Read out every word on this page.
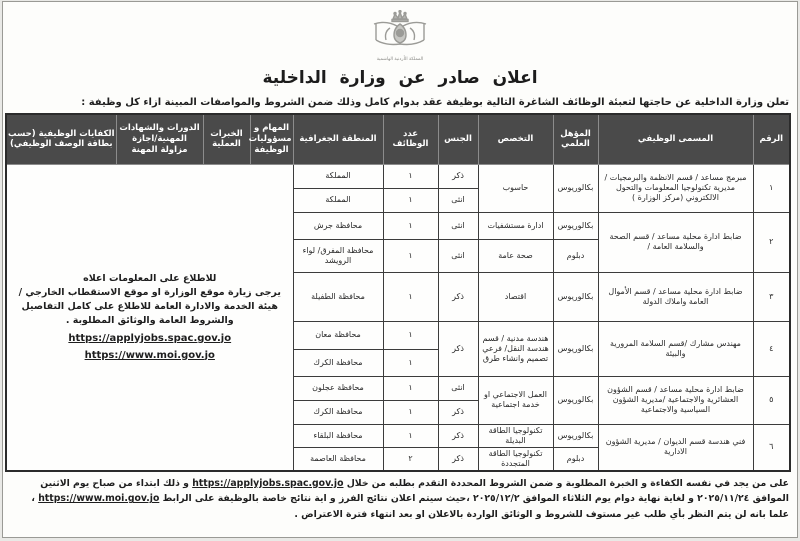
المملكة الأردنية الهاشمية
اعلان صادر عن وزارة الداخلية
تعلن وزارة الداخلية عن حاجتها لتعبئة الوظائف الشاغرة التالية بوظيفة عقد بدوام كامل وذلك ضمن الشروط والمواصفات المبينة ازاء كل وظيفة :
الرقم	المسمى الوظيفي	المؤهل العلمي	التخصص	الجنس	عدد الوظائف	المنطقة الجغرافية	المهام و مسؤوليات الوظيفة	الخبرات العملية	الدورات والشهادات المهنية/اجازة مزاولة المهنة	الكفايات الوظيفية (حسب بطاقة الوصف الوظيفي)
١	مبرمج مساعد / قسم الانظمة والبرمجيات / مديرية تكنولوجيا المعلومات والتحول الالكتروني (مركز الوزارة )	بكالوريوس	حاسوب	ذكر	١	المملكة	للاطلاع على المعلومات اعلاه
يرجى زيارة موقع الوزارة او موقع الاستقطاب الخارجي / هيئة الخدمة والادارة العامة للاطلاع على كامل التفاصيل والشروط العامة والوثائق المطلوبة .
https://applyjobs.spac.gov.jo
https://www.moi.gov.jo			

				انثى	١	المملكة				
٢	ضابط ادارة محلية مساعد / قسم الصحة والسلامة العامة /	بكالوريوس	ادارة مستشفيات	انثى	١	محافظة جرش				
		دبلوم	صحة عامة	انثى	١	محافظة المفرق/ لواء الرويشد				
٣	ضابط ادارة محلية مساعد / قسم الأموال العامة واملاك الدولة	بكالوريوس	اقتصاد	ذكر	١	محافظة الطفيلة				
٤	مهندس مشارك /قسم السلامة المرورية والبيئة	بكالوريوس	هندسة مدنية / قسم هندسة النقل/ فرعي تصميم وانشاء طرق	ذكر	١	محافظة معان				
					١	محافظة الكرك				
٥	ضابط ادارة محلية مساعد / قسم الشؤون العشائرية والاجتماعية /مديرية الشؤون السياسية والاجتماعية	بكالوريوس	العمل الاجتماعي او خدمة اجتماعية	انثى	١	محافظة عجلون				
				ذكر	١	محافظة الكرك				
٦	فني هندسة قسم الديوان / مديرية الشؤون الادارية	بكالوريوس	تكنولوجيا الطاقة البديلة	ذكر	١	محافظة البلقاء				
		دبلوم	تكنولوجيا الطاقة المتجددة	ذكر	٢	محافظة العاصمة				
على من يجد في نفسه الكفاءة و الخبرة المطلوبة و ضمن الشروط المحددة التقدم بطلبه من خلال https://applyjobs.spac.gov.jo و ذلك ابتداء من صباح يوم الاثنين الموافق ٢٠٢٥/١١/٢٤ و لغاية نهاية دوام يوم الثلاثاء الموافق ٢٠٢٥/١٢/٢ ،حيث سيتم اعلان نتائج الفرز و اية نتائج خاصة بالوظيفة على الرابط https://www.moi.gov.jo ، علما بانه لن يتم النظر بأي طلب غير مستوف للشروط و الوثائق الواردة بالاعلان او بعد انتهاء فترة الاعتراض .
